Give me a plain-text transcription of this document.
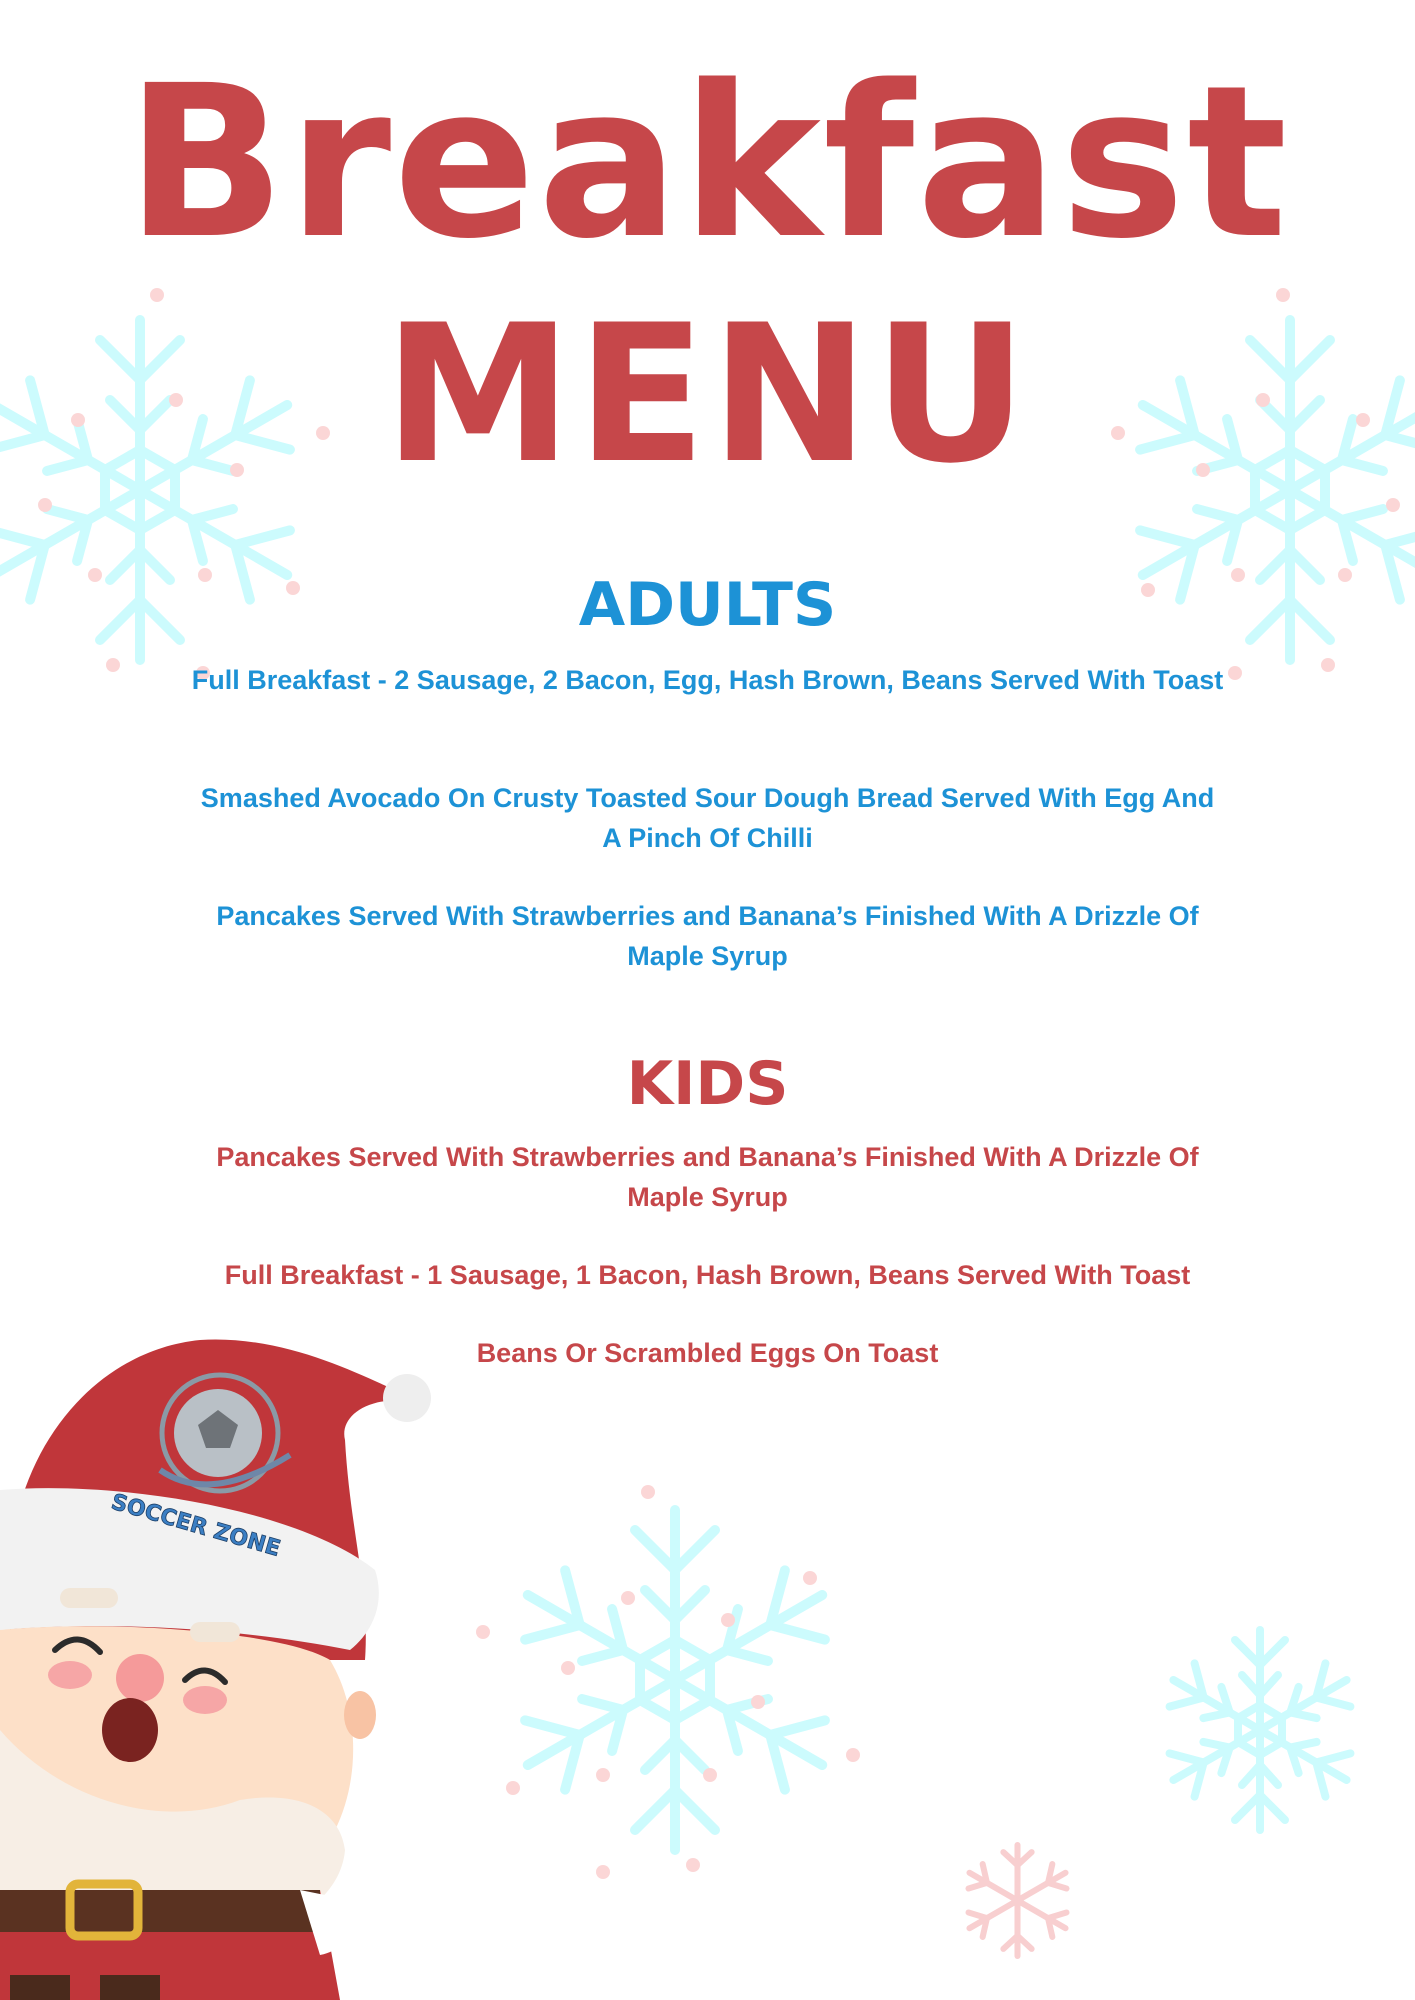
Breakfast
MENU
ADULTS

Full Breakfast - 2 Sausage, 2 Bacon, Egg, Hash Brown, Beans Served With Toast

Smashed Avocado On Crusty Toasted Sour Dough Bread Served With Egg And A Pinch Of Chilli

Pancakes Served With Strawberries and Banana’s Finished With A Drizzle Of Maple Syrup

KIDS

Pancakes Served With Strawberries and Banana’s Finished With A Drizzle Of Maple Syrup

Full Breakfast - 1 Sausage, 1 Bacon, Hash Brown, Beans Served With Toast

Beans Or Scrambled Eggs On Toast

SOCCER ZONE
